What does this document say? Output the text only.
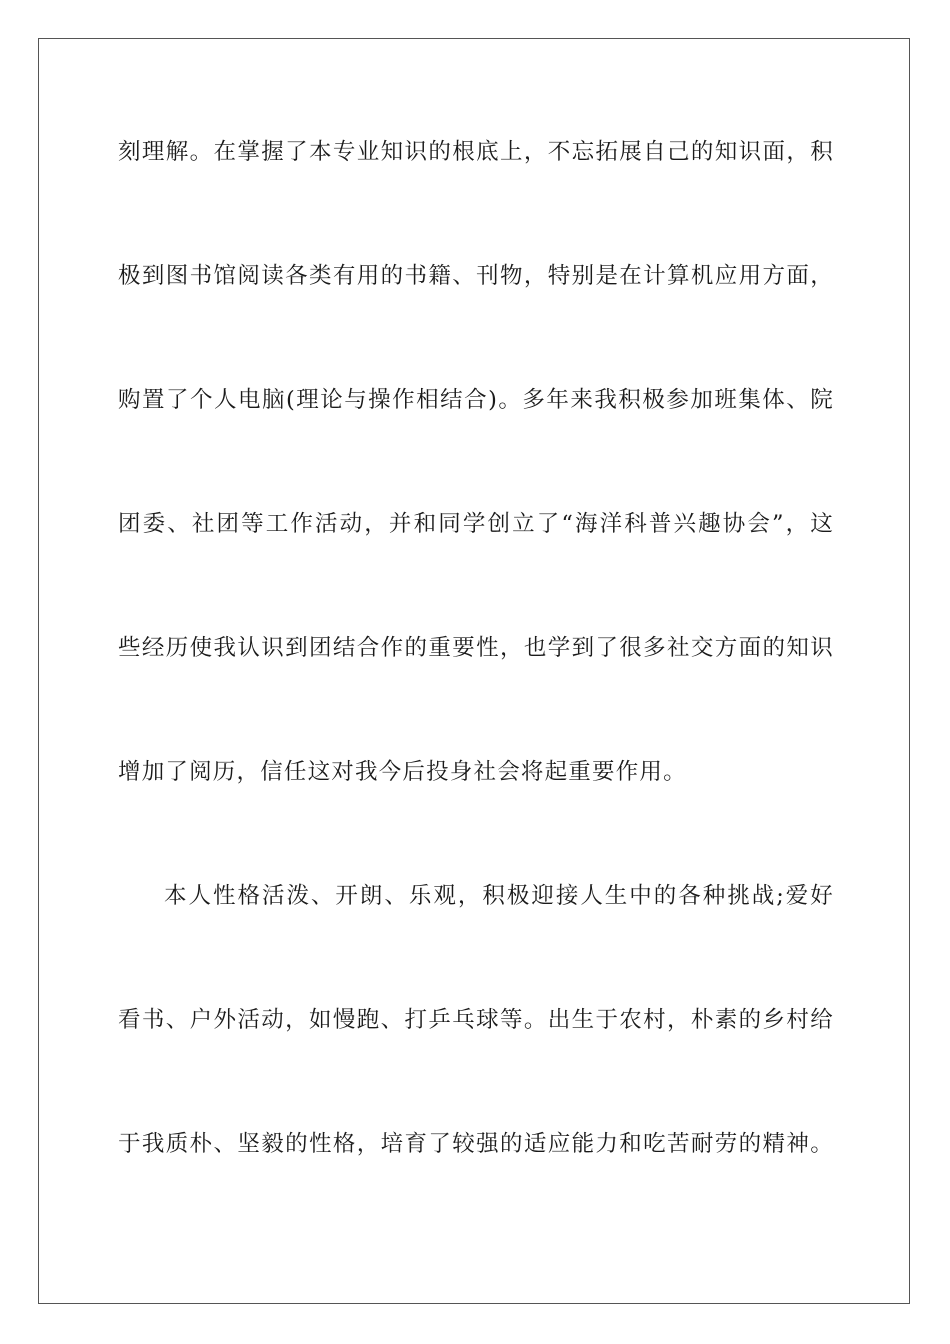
刻理解。在掌握了本专业知识的根底上，不忘拓展自己的知识面，积
极到图书馆阅读各类有用的书籍、刊物，特别是在计算机应用方面，
购置了个人电脑(理论与操作相结合)。多年来我积极参加班集体、院
团委、社团等工作活动，并和同学创立了“海洋科普兴趣协会”，这
些经历使我认识到团结合作的重要性，也学到了很多社交方面的知识
增加了阅历，信任这对我今后投身社会将起重要作用。
本人性格活泼、开朗、乐观，积极迎接人生中的各种挑战;爱好
看书、户外活动，如慢跑、打乒乓球等。出生于农村，朴素的乡村给
于我质朴、坚毅的性格，培育了较强的适应能力和吃苦耐劳的精神。
